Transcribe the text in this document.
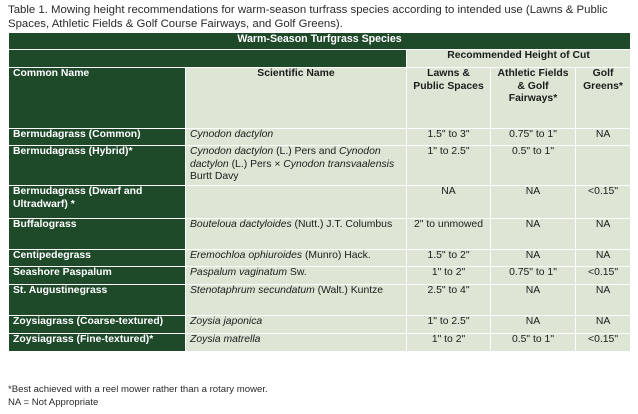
Table 1. Mowing height recommendations for warm-season turfrass species according to intended use (Lawns & Public Spaces, Athletic Fields & Golf Course Fairways, and Golf Greens).
Warm-Season Turfgrass Species				
		Recommended Height of Cut		
Common Name	Scientific Name	Lawns & Public Spaces	Athletic Fields & Golf Fairways*	Golf Greens*
Bermudagrass (Common)	Cynodon dactylon	1.5" to 3"	0.75" to 1"	NA
Bermudagrass (Hybrid)*	Cynodon dactylon (L.) Pers and Cynodon dactylon (L.) Pers × Cynodon transvaalensis Burtt Davy	1" to 2.5"	0.5" to 1"	
Bermudagrass (Dwarf and Ultradwarf) *		NA	NA	<0.15"
Buffalograss	Bouteloua dactyloides (Nutt.) J.T. Columbus	2" to unmowed	NA	NA
Centipedegrass	Eremochloa ophiuroides (Munro) Hack.	1.5" to 2"	NA	NA
Seashore Paspalum	Paspalum vaginatum Sw.	1" to 2"	0.75" to 1"	<0.15"
St. Augustinegrass	Stenotaphrum secundatum (Walt.) Kuntze	2.5" to 4"	NA	NA
Zoysiagrass (Coarse-textured)	Zoysia japonica	1" to 2.5"	NA	NA
Zoysiagrass (Fine-textured)*	Zoysia matrella	1" to 2"	0.5" to 1"	<0.15"
*Best achieved with a reel mower rather than a rotary mower.
NA = Not Appropriate
